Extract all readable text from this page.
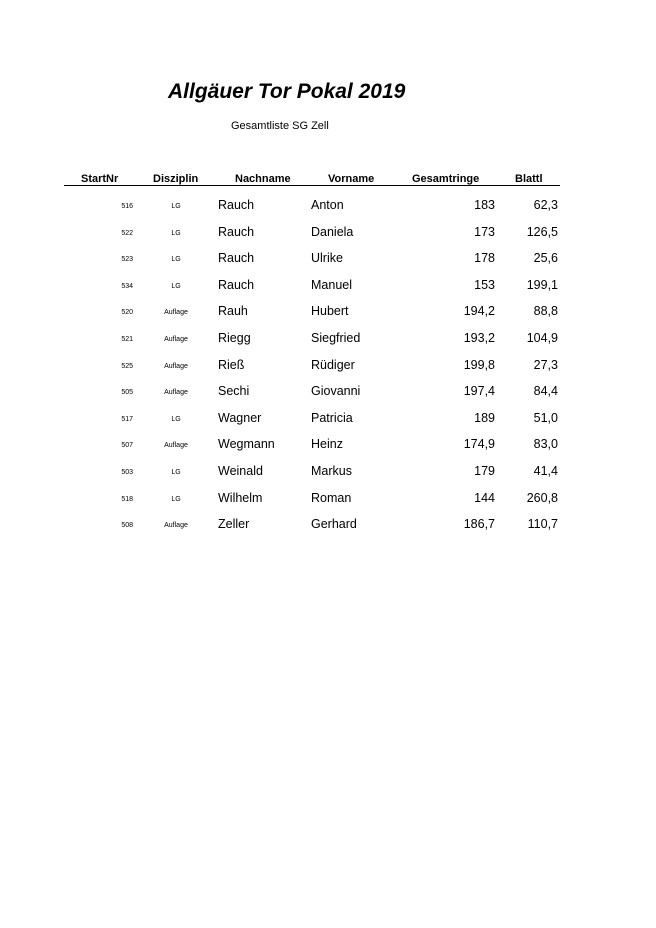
Allgäuer Tor Pokal 2019
Gesamtliste SG Zell
StartNr	Disziplin	Nachname	Vorname	Gesamtringe	Blattl
516	LG	Rauch	Anton	183	62,3
522	LG	Rauch	Daniela	173	126,5
523	LG	Rauch	Ulrike	178	25,6
534	LG	Rauch	Manuel	153	199,1
520	Auflage	Rauh	Hubert	194,2	88,8
521	Auflage	Riegg	Siegfried	193,2	104,9
525	Auflage	Rieß	Rüdiger	199,8	27,3
505	Auflage	Sechi	Giovanni	197,4	84,4
517	LG	Wagner	Patricia	189	51,0
507	Auflage	Wegmann	Heinz	174,9	83,0
503	LG	Weinald	Markus	179	41,4
518	LG	Wilhelm	Roman	144	260,8
508	Auflage	Zeller	Gerhard	186,7	110,7
